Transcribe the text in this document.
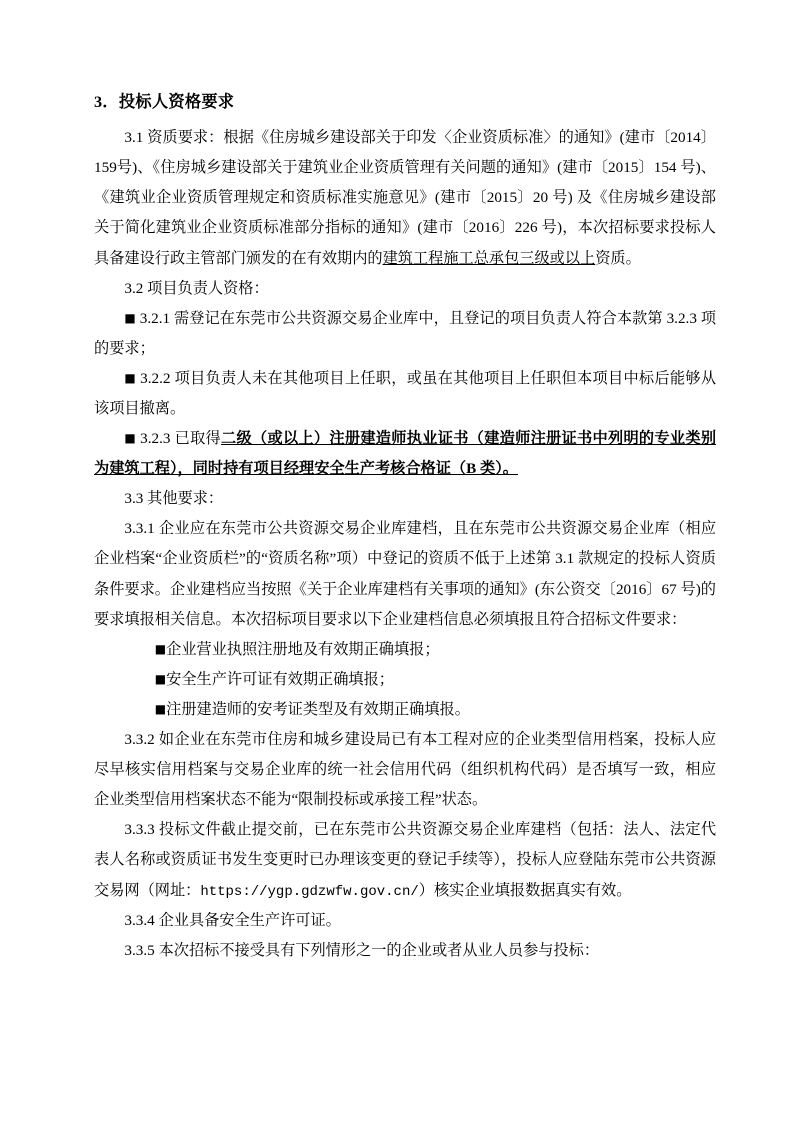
3．投标人资格要求

3.1 资质要求：根据《住房城乡建设部关于印发〈企业资质标准〉的通知》(建市〔2014〕159号)、《住房城乡建设部关于建筑业企业资质管理有关问题的通知》(建市〔2015〕154 号)、《建筑业企业资质管理规定和资质标准实施意见》(建市〔2015〕20 号) 及《住房城乡建设部关于简化建筑业企业资质标准部分指标的通知》(建市〔2016〕226 号)，本次招标要求投标人具备建设行政主管部门颁发的在有效期内的建筑工程施工总承包三级或以上资质。

3.2 项目负责人资格：

■ 3.2.1 需登记在东莞市公共资源交易企业库中，且登记的项目负责人符合本款第 3.2.3 项的要求；

■ 3.2.2 项目负责人未在其他项目上任职，或虽在其他项目上任职但本项目中标后能够从该项目撤离。

■ 3.2.3 已取得二级（或以上）注册建造师执业证书（建造师注册证书中列明的专业类别为建筑工程），同时持有项目经理安全生产考核合格证（B 类）。

3.3 其他要求：

3.3.1 企业应在东莞市公共资源交易企业库建档，且在东莞市公共资源交易企业库（相应企业档案“企业资质栏”的“资质名称”项）中登记的资质不低于上述第 3.1 款规定的投标人资质条件要求。企业建档应当按照《关于企业库建档有关事项的通知》(东公资交〔2016〕67 号)的要求填报相关信息。本次招标项目要求以下企业建档信息必须填报且符合招标文件要求：

■企业营业执照注册地及有效期正确填报；

■安全生产许可证有效期正确填报；

■注册建造师的安考证类型及有效期正确填报。

3.3.2 如企业在东莞市住房和城乡建设局已有本工程对应的企业类型信用档案，投标人应尽早核实信用档案与交易企业库的统一社会信用代码（组织机构代码）是否填写一致，相应企业类型信用档案状态不能为“限制投标或承接工程”状态。

3.3.3 投标文件截止提交前，已在东莞市公共资源交易企业库建档（包括：法人、法定代表人名称或资质证书发生变更时已办理该变更的登记手续等），投标人应登陆东莞市公共资源交易网（网址：https://ygp.gdzwfw.gov.cn/）核实企业填报数据真实有效。

3.3.4 企业具备安全生产许可证。

3.3.5 本次招标不接受具有下列情形之一的企业或者从业人员参与投标：
